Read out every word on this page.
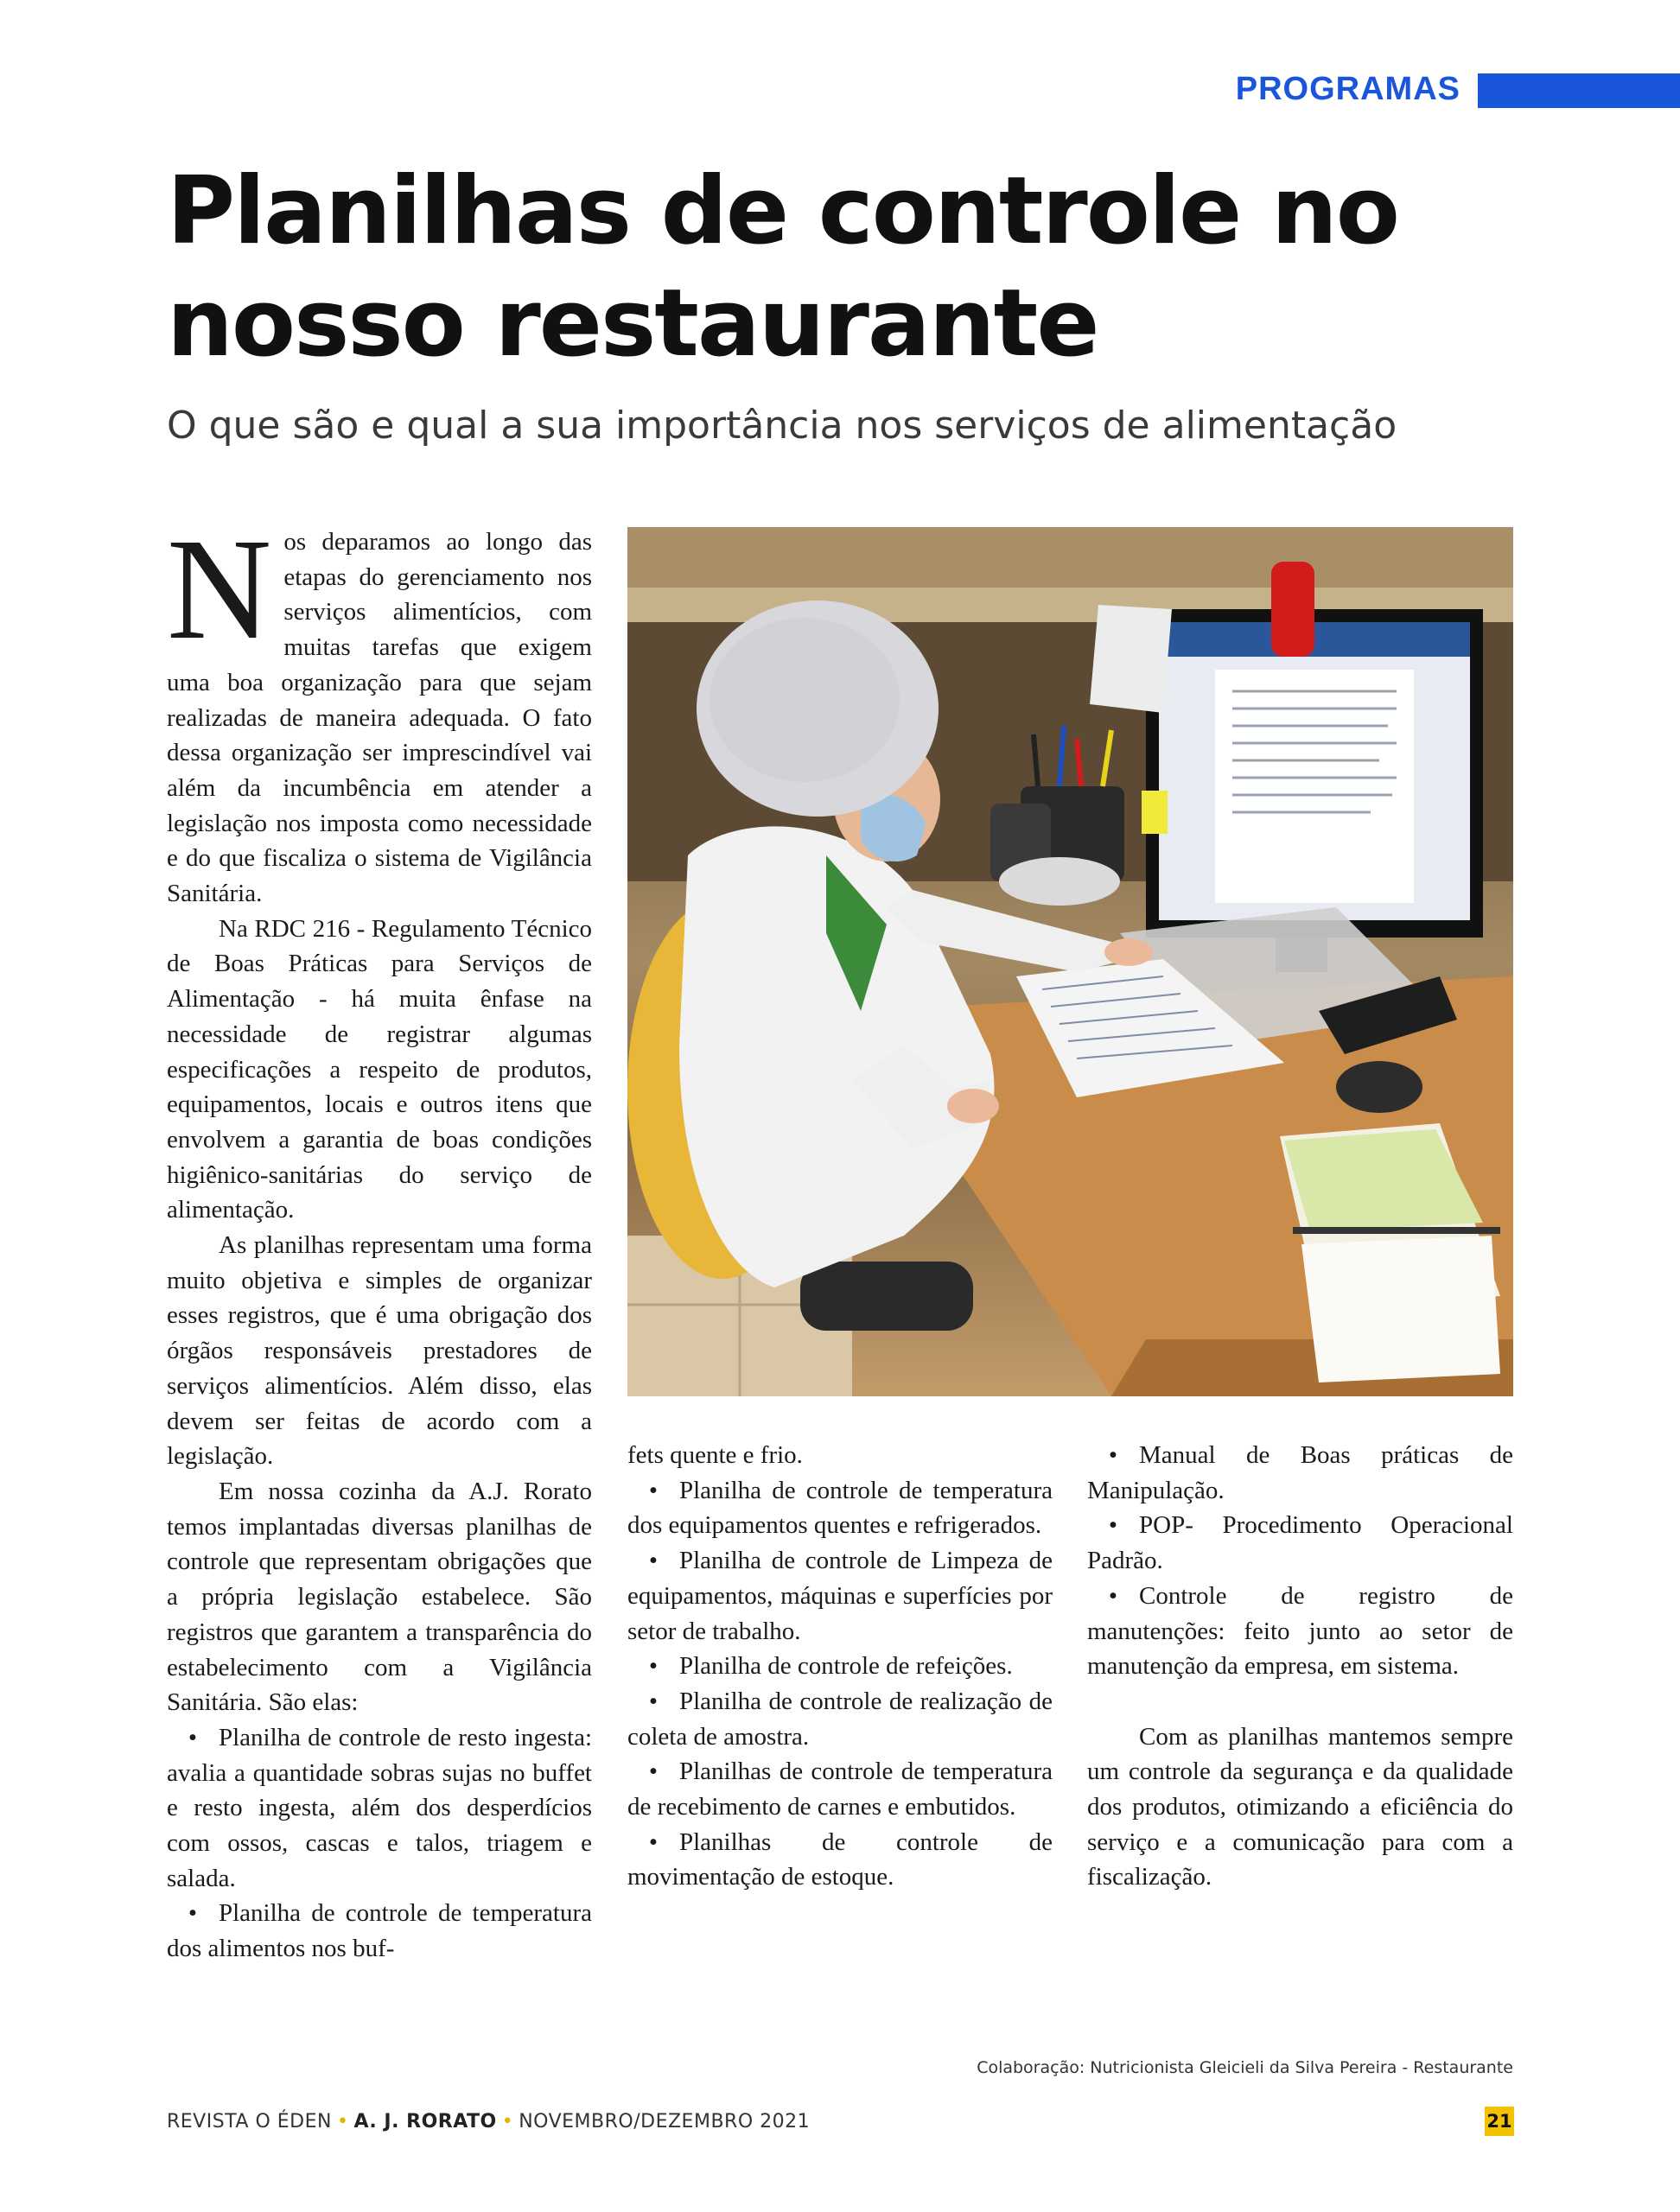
PROGRAMAS
Planilhas de controle no
nosso restaurante
O que são e qual a sua importância nos serviços de alimentação

Nos deparamos ao longo das etapas do gerenciamento nos serviços alimentícios, com muitas tarefas que exigem uma boa organização para que sejam realizadas de maneira adequada. O fato dessa organização ser imprescindível vai além da incumbência em atender a legislação nos imposta como necessidade e do que fiscaliza o sistema de Vigilância Sanitária.

Na RDC 216 - Regulamento Técnico de Boas Práticas para Serviços de Alimentação - há muita ênfase na necessidade de registrar algumas especificações a respeito de produtos, equipamentos, locais e outros itens que envolvem a garantia de boas condições higiênico-sanitárias do serviço de alimentação.

As planilhas representam uma forma muito objetiva e simples de organizar esses registros, que é uma obrigação dos órgãos responsáveis prestadores de serviços alimentícios. Além disso, elas devem ser feitas de acordo com a legislação.

Em nossa cozinha da A.J. Rorato temos implantadas diversas planilhas de controle que representam obrigações que a própria legislação estabelece. São registros que garantem a transparência do estabelecimento com a Vigilância Sanitária. São elas:

• Planilha de controle de resto ingesta: avalia a quantidade sobras sujas no buffet e resto ingesta, além dos desperdícios com ossos, cascas e talos, triagem e salada.

• Planilha de controle de temperatura dos alimentos nos buf-

fets quente e frio.

• Planilha de controle de temperatura dos equipamentos quentes e refrigerados.

• Planilha de controle de Limpeza de equipamentos, máquinas e superfícies por setor de trabalho.

• Planilha de controle de refeições.

• Planilha de controle de realização de coleta de amostra.

• Planilhas de controle de temperatura de recebimento de carnes e embutidos.

• Planilhas de controle de movimentação de estoque.

• Manual de Boas práticas de Manipulação.

• POP- Procedimento Operacional Padrão.

• Controle de registro de manutenções: feito junto ao setor de manutenção da empresa, em sistema.

Com as planilhas mantemos sempre um controle da segurança e da qualidade dos produtos, otimizando a eficiência do serviço e a comunicação para com a fiscalização.

Colaboração: Nutricionista Gleicieli da Silva Pereira - Restaurante
REVISTA O ÉDEN • A. J. RORATO • NOVEMBRO/DEZEMBRO 2021	21
